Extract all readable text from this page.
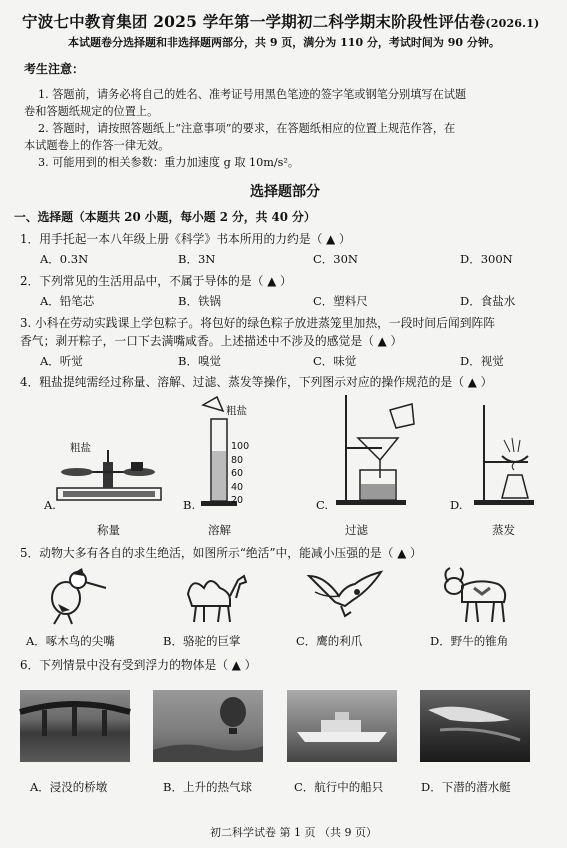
宁波七中教育集团 2025 学年第一学期初二科学期末阶段性评估卷(2026.1)
本试题卷分选择题和非选择题两部分，共 9 页，满分为 110 分，考试时间为 90 分钟。
考生注意：
1. 答题前，请务必将自己的姓名、准考证号用黑色笔迹的签字笔或钢笔分别填写在试题
卷和答题纸规定的位置上。
2. 答题时，请按照答题纸上“注意事项”的要求，在答题纸相应的位置上规范作答，在
本试题卷上的作答一律无效。
3. 可能用到的相关参数：重力加速度 g 取 10m/s²。
选择题部分
一、选择题（本题共 20 小题，每小题 2 分，共 40 分）
1．用手托起一本八年级上册《科学》书本所用的力约是（ ▲ ）
A．0.3N	B．3N	C．30N	D．300N
2．下列常见的生活用品中，不属于导体的是（ ▲ ）
A．铅笔芯	B．铁锅	C．塑料尺	D．食盐水
3. 小科在劳动实践课上学包粽子。将包好的绿色粽子放进蒸笼里加热，一段时间后闻到阵阵
香气；剥开粽子，一口下去满嘴咸香。上述描述中不涉及的感觉是（ ▲ ）
A．听觉	B．嗅觉	C．味觉	D．视觉
4．粗盐提纯需经过称量、溶解、过滤、蒸发等操作，下列图示对应的操作规范的是（ ▲ ）
粗盐
粗盐
100
80
60
40
20
A.	B.	C.	D.
称量	溶解	过滤	蒸发
5．动物大多有各自的求生绝活，如图所示“绝活”中，能减小压强的是（ ▲ ）
A．啄木鸟的尖嘴	B．骆驼的巨掌	C．鹰的利爪	D．野牛的锥角
6．下列情景中没有受到浮力的物体是（ ▲ ）
A．浸没的桥墩	B．上升的热气球	C．航行中的船只	D．下潜的潜水艇
初二科学试卷 第 1 页 （共 9 页）
